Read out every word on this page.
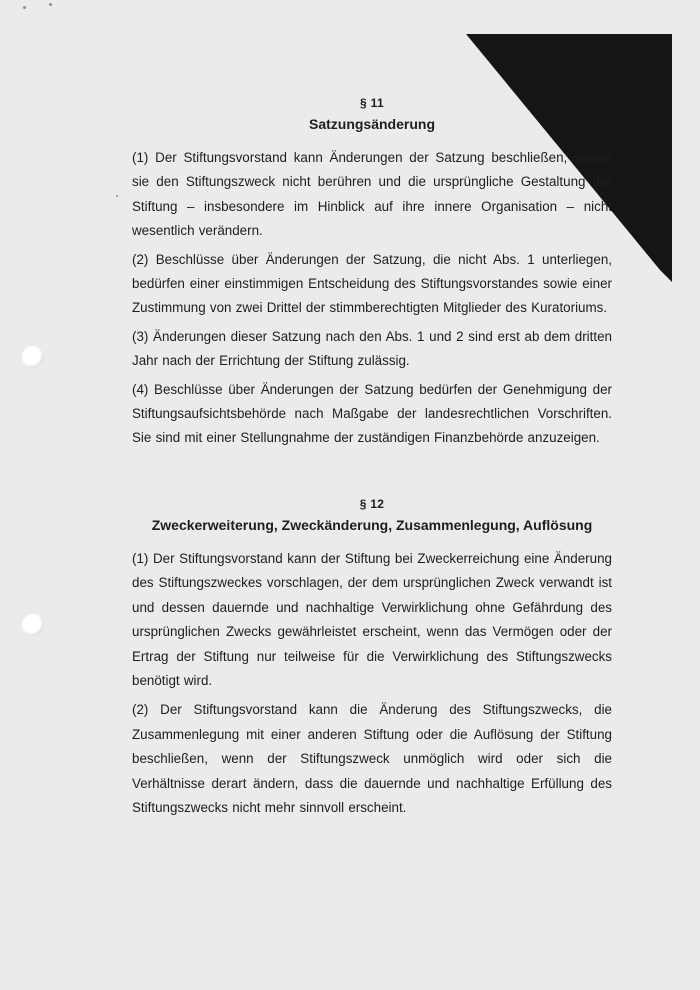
§ 11
Satzungsänderung

(1) Der Stiftungsvorstand kann Änderungen der Satzung beschließen, soweit sie den Stiftungszweck nicht berühren und die ursprüngliche Gestaltung der Stiftung – insbesondere im Hinblick auf ihre innere Organisation – nicht wesentlich verändern.

(2) Beschlüsse über Änderungen der Satzung, die nicht Abs. 1 unterliegen, bedürfen einer einstimmigen Entscheidung des Stiftungsvorstandes sowie einer Zustimmung von zwei Drittel der stimmberechtigten Mitglieder des Kuratoriums.

(3) Änderungen dieser Satzung nach den Abs. 1 und 2 sind erst ab dem dritten Jahr nach der Errichtung der Stiftung zulässig.

(4) Beschlüsse über Änderungen der Satzung bedürfen der Genehmigung der Stiftungsaufsichtsbehörde nach Maßgabe der landesrechtlichen Vorschriften. Sie sind mit einer Stellungnahme der zuständigen Finanzbehörde anzuzeigen.

§ 12
Zweckerweiterung, Zweckänderung, Zusammenlegung, Auflösung

(1) Der Stiftungsvorstand kann der Stiftung bei Zweckerreichung eine Änderung des Stiftungszweckes vorschlagen, der dem ursprünglichen Zweck verwandt ist und dessen dauernde und nachhaltige Verwirklichung ohne Gefährdung des ursprünglichen Zwecks gewährleistet erscheint, wenn das Vermögen oder der Ertrag der Stiftung nur teilweise für die Verwirklichung des Stiftungszwecks benötigt wird.

(2) Der Stiftungsvorstand kann die Änderung des Stiftungszwecks, die Zusammenlegung mit einer anderen Stiftung oder die Auflösung der Stiftung beschließen, wenn der Stiftungszweck unmöglich wird oder sich die Verhältnisse derart ändern, dass die dauernde und nachhaltige Erfüllung des Stiftungszwecks nicht mehr sinnvoll erscheint.
